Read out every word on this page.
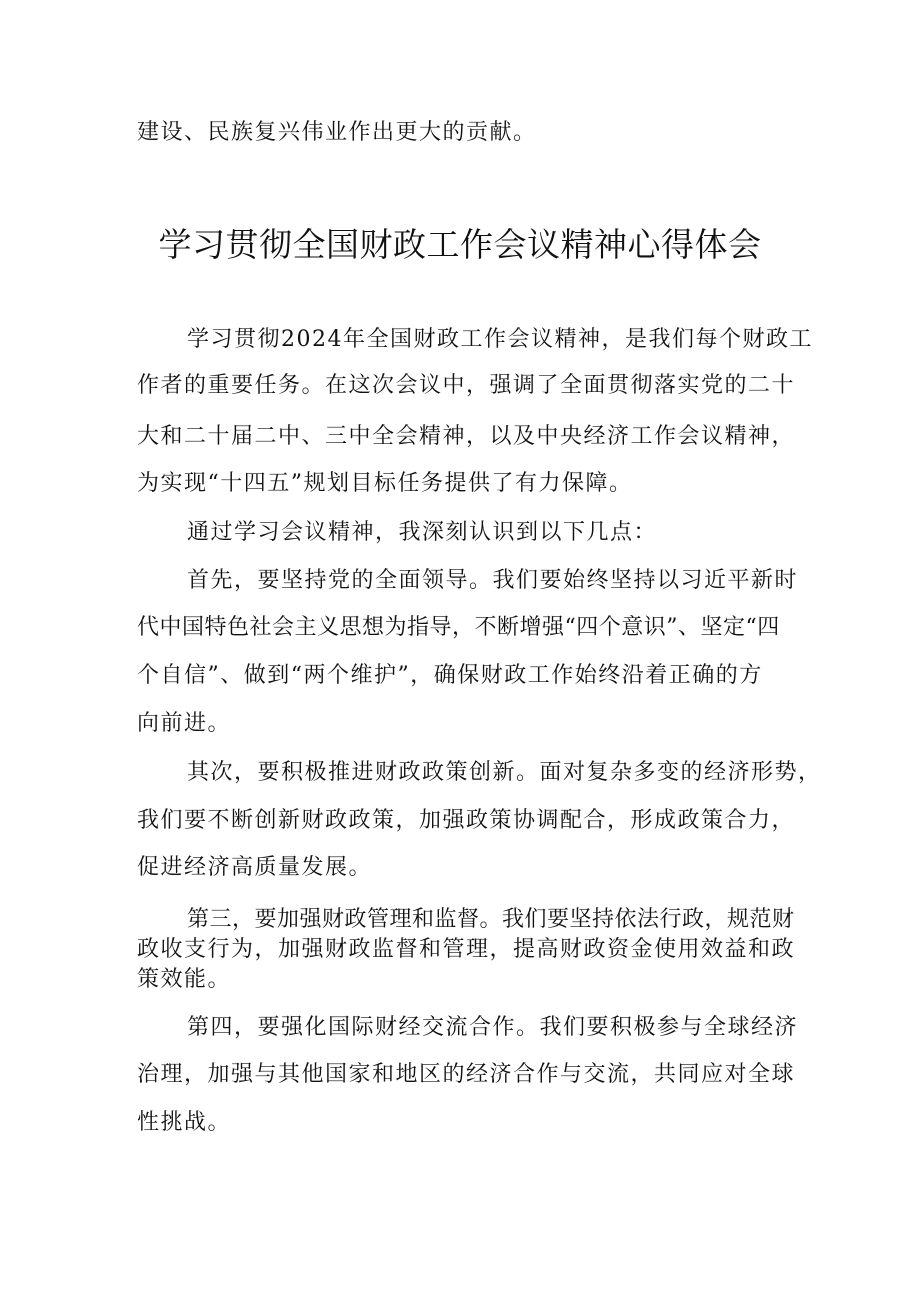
建设、民族复兴伟业作出更大的贡献。
学习贯彻全国财政工作会议精神心得体会
学习贯彻2024年全国财政工作会议精神，是我们每个财政工
作者的重要任务。在这次会议中，强调了全面贯彻落实党的二十
大和二十届二中、三中全会精神，以及中央经济工作会议精神，
为实现“十四五”规划目标任务提供了有力保障。
通过学习会议精神，我深刻认识到以下几点：
首先，要坚持党的全面领导。我们要始终坚持以习近平新时
代中国特色社会主义思想为指导，不断增强“四个意识”、坚定“四
个自信”、做到“两个维护”，确保财政工作始终沿着正确的方
向前进。
其次，要积极推进财政政策创新。面对复杂多变的经济形势，
我们要不断创新财政政策，加强政策协调配合，形成政策合力，
促进经济高质量发展。
第三，要加强财政管理和监督。我们要坚持依法行政，规范财
政收支行为，加强财政监督和管理，提高财政资金使用效益和政
策效能。
第四，要强化国际财经交流合作。我们要积极参与全球经济
治理，加强与其他国家和地区的经济合作与交流，共同应对全球
性挑战。
